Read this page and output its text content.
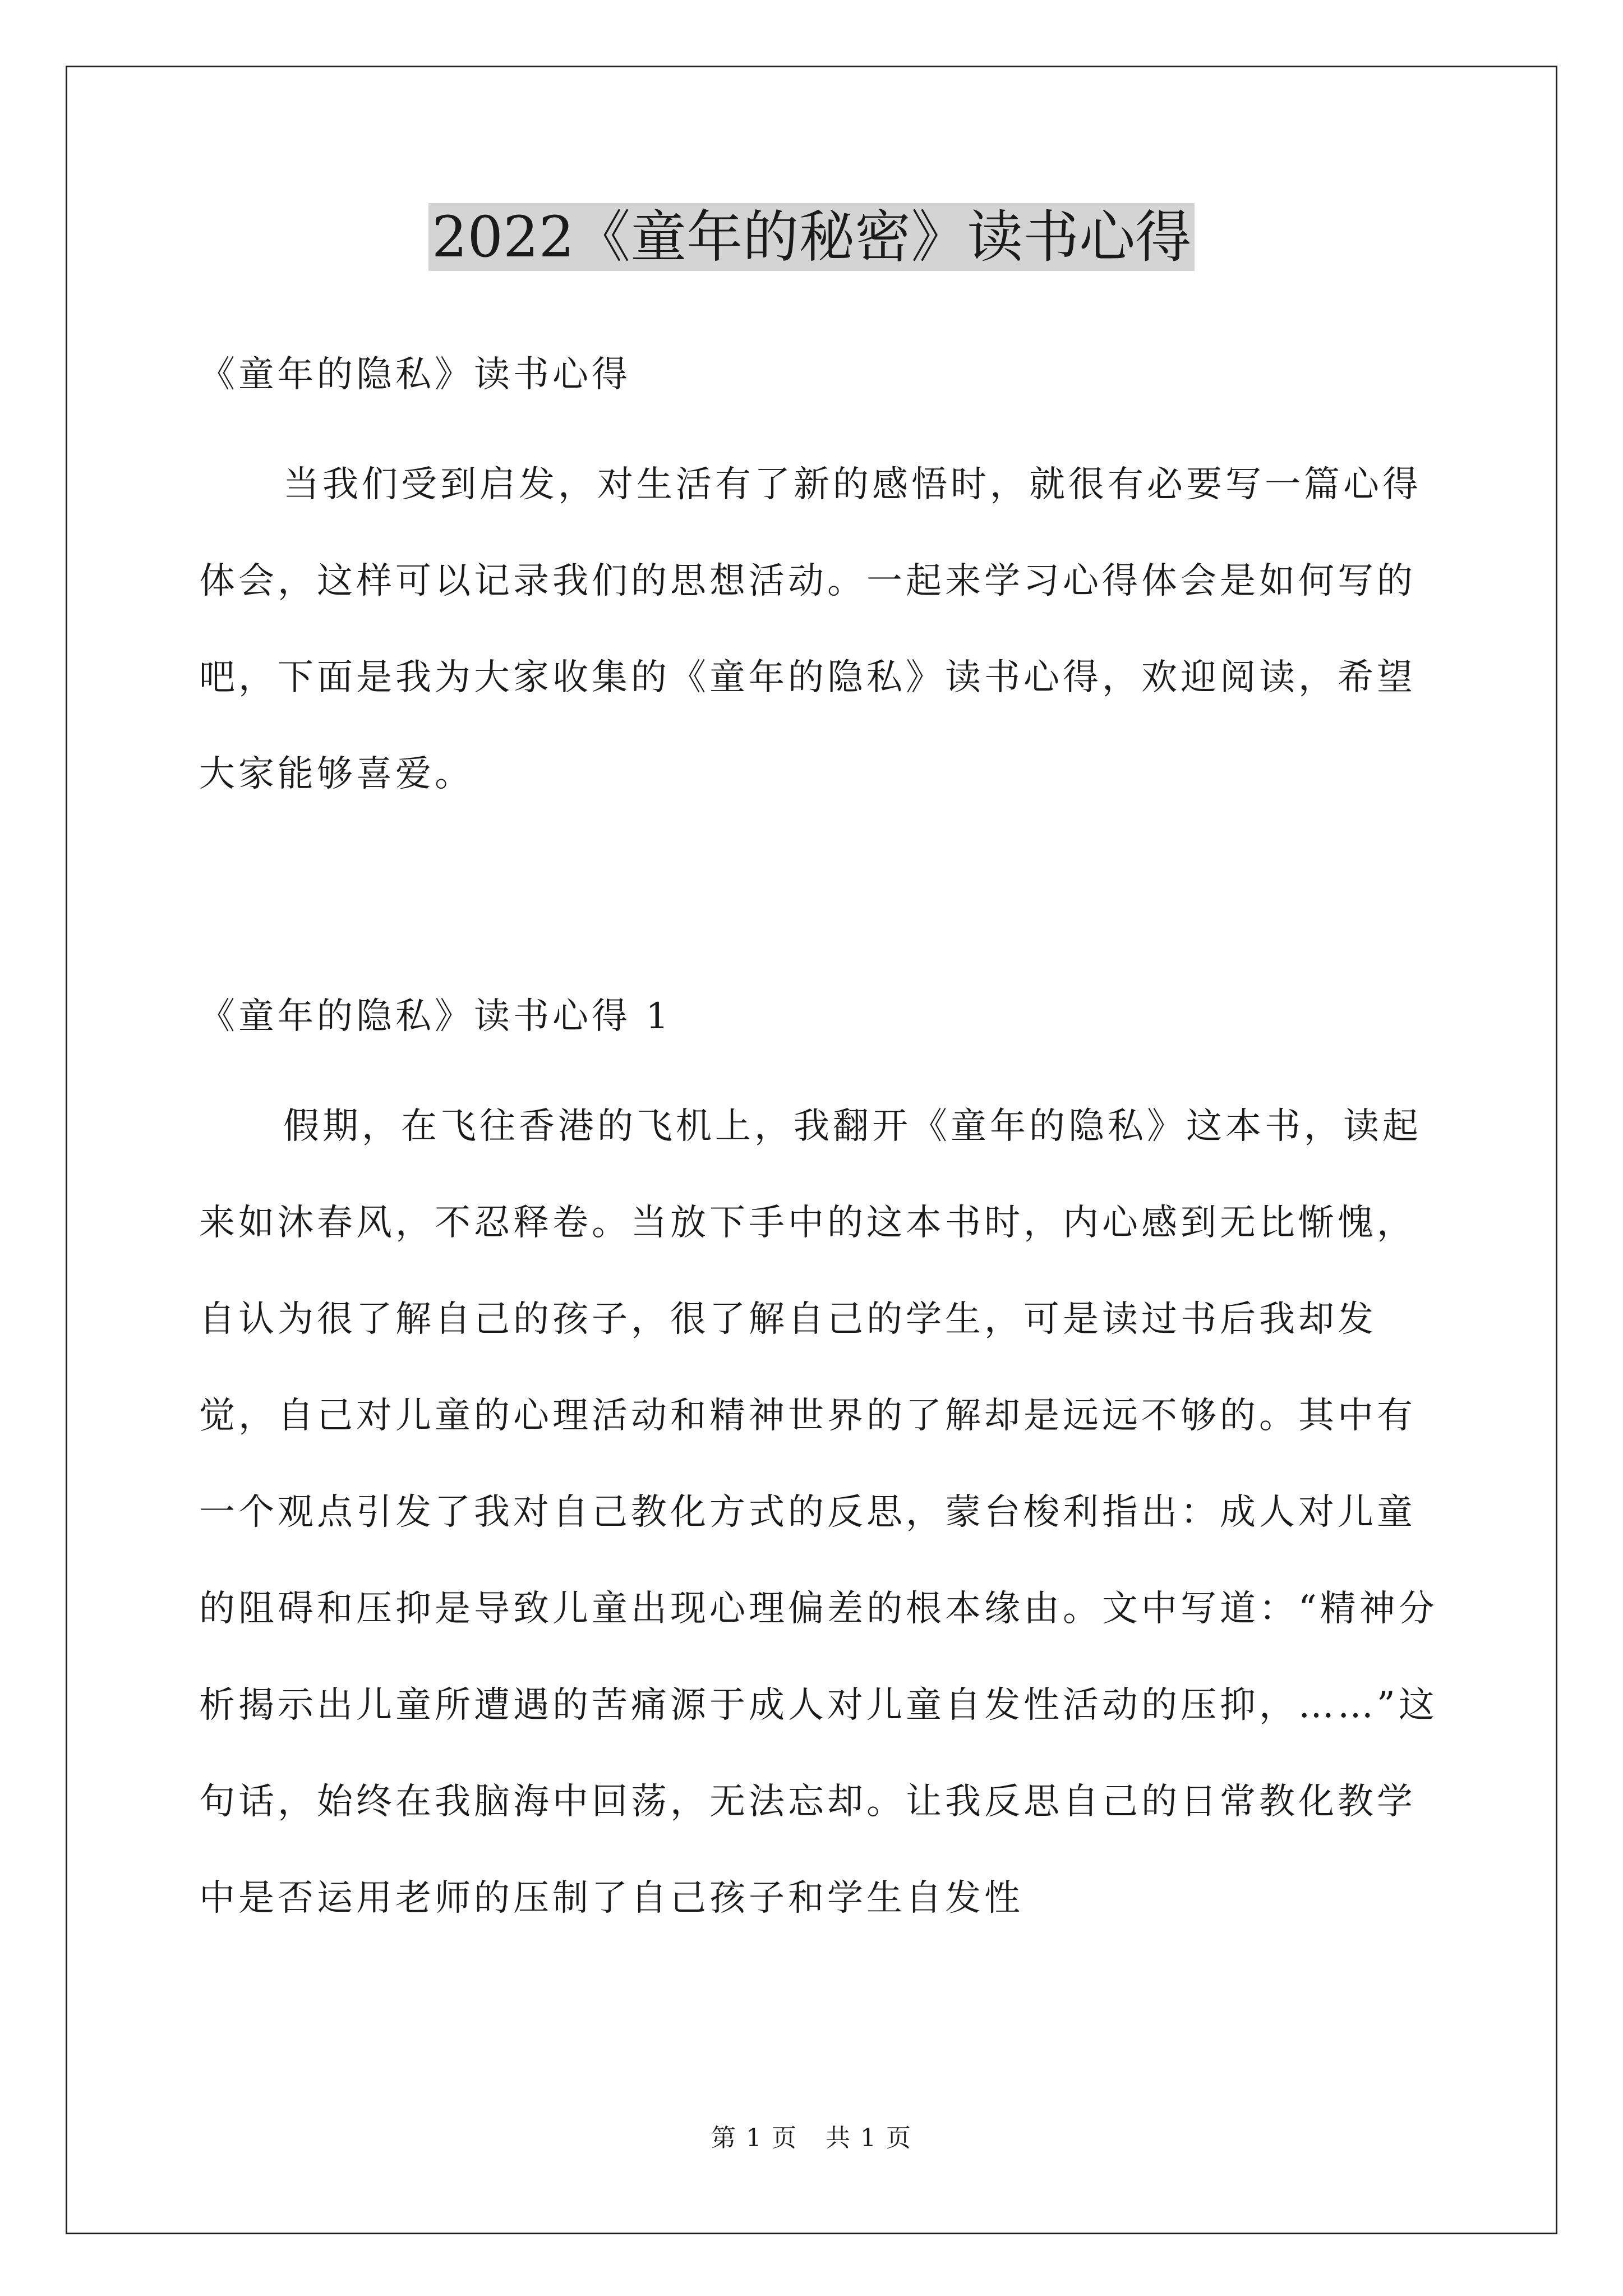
2022《童年的秘密》读书心得

《童年的隐私》读书心得

当我们受到启发，对生活有了新的感悟时，就很有必要写一篇心得体会，这样可以记录我们的思想活动。一起来学习心得体会是如何写的吧，下面是我为大家收集的《童年的隐私》读书心得，欢迎阅读，希望大家能够喜爱。

《童年的隐私》读书心得 1

假期，在飞往香港的飞机上，我翻开《童年的隐私》这本书，读起来如沐春风，不忍释卷。当放下手中的这本书时，内心感到无比惭愧，自认为很了解自己的孩子，很了解自己的学生，可是读过书后我却发觉，自己对儿童的心理活动和精神世界的了解却是远远不够的。其中有一个观点引发了我对自己教化方式的反思，蒙台梭利指出：成人对儿童的阻碍和压抑是导致儿童出现心理偏差的根本缘由。文中写道：“精神分析揭示出儿童所遭遇的苦痛源于成人对儿童自发性活动的压抑，……”这句话，始终在我脑海中回荡，无法忘却。让我反思自己的日常教化教学中是否运用老师的压制了自己孩子和学生自发性

第 1 页 共 1 页
